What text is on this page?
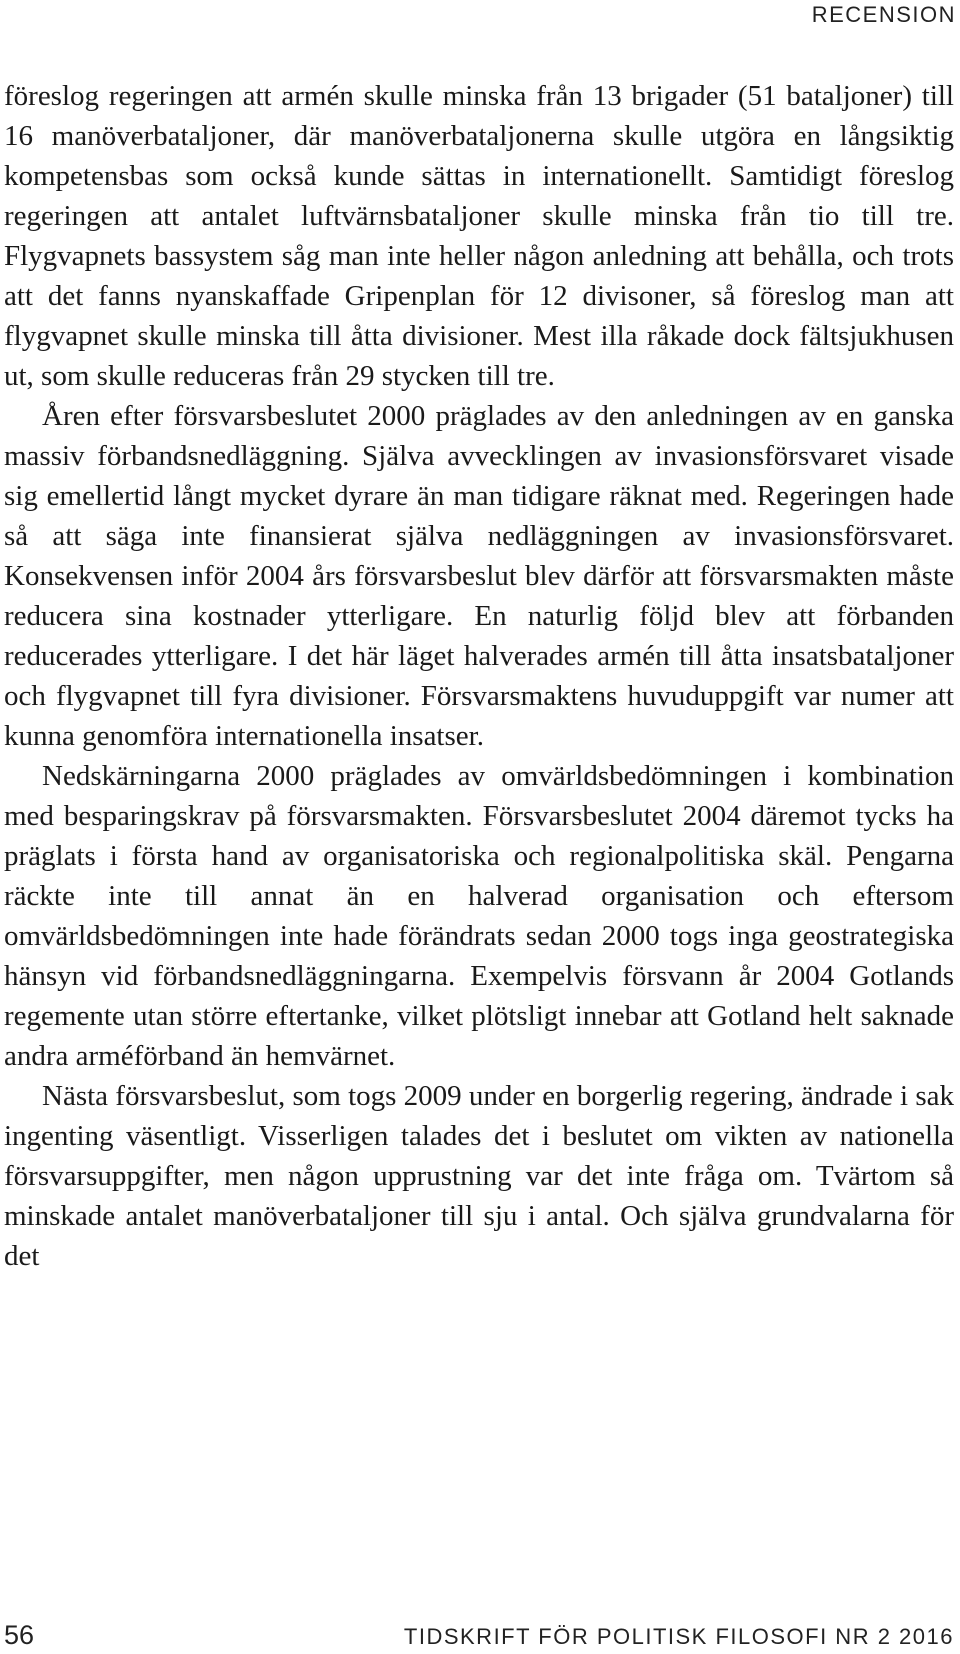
RECENSION

föreslog regeringen att armén skulle minska från 13 brigader (51 bataljoner) till 16 manöverbataljoner, där manöverbataljonerna skulle utgöra en långsiktig kompetensbas som också kunde sättas in internationellt. Samtidigt föreslog regeringen att antalet luftvärnsbataljoner skulle minska från tio till tre. Flygvapnets bassystem såg man inte heller någon anledning att behålla, och trots att det fanns nyanskaffade Gripenplan för 12 divisoner, så föreslog man att flygvapnet skulle minska till åtta divisioner. Mest illa råkade dock fältsjukhusen ut, som skulle reduceras från 29 stycken till tre.

Åren efter försvarsbeslutet 2000 präglades av den anledningen av en ganska massiv förbandsnedläggning. Själva avvecklingen av invasionsförsvaret visade sig emellertid långt mycket dyrare än man tidigare räknat med. Regeringen hade så att säga inte finansierat själva nedläggningen av invasionsförsvaret. Konsekvensen inför 2004 års försvarsbeslut blev därför att försvarsmakten måste reducera sina kostnader ytterligare. En naturlig följd blev att förbanden reducerades ytterligare. I det här läget halverades armén till åtta insatsbataljoner och flygvapnet till fyra divisioner. Försvarsmaktens huvuduppgift var numer att kunna genomföra internationella insatser.

Nedskärningarna 2000 präglades av omvärldsbedömningen i kombination med besparingskrav på försvarsmakten. Försvarsbeslutet 2004 däremot tycks ha präglats i första hand av organisatoriska och regionalpolitiska skäl. Pengarna räckte inte till annat än en halverad organisation och eftersom omvärldsbedömningen inte hade förändrats sedan 2000 togs inga geostrategiska hänsyn vid förbandsnedläggningarna. Exempelvis försvann år 2004 Gotlands regemente utan större eftertanke, vilket plötsligt innebar att Gotland helt saknade andra arméförband än hemvärnet.

Nästa försvarsbeslut, som togs 2009 under en borgerlig regering, ändrade i sak ingenting väsentligt. Visserligen talades det i beslutet om vikten av nationella försvarsuppgifter, men någon upprustning var det inte fråga om. Tvärtom så minskade antalet manöverbataljoner till sju i antal. Och själva grundvalarna för det

56	TIDSKRIFT FÖR POLITISK FILOSOFI NR 2 2016
